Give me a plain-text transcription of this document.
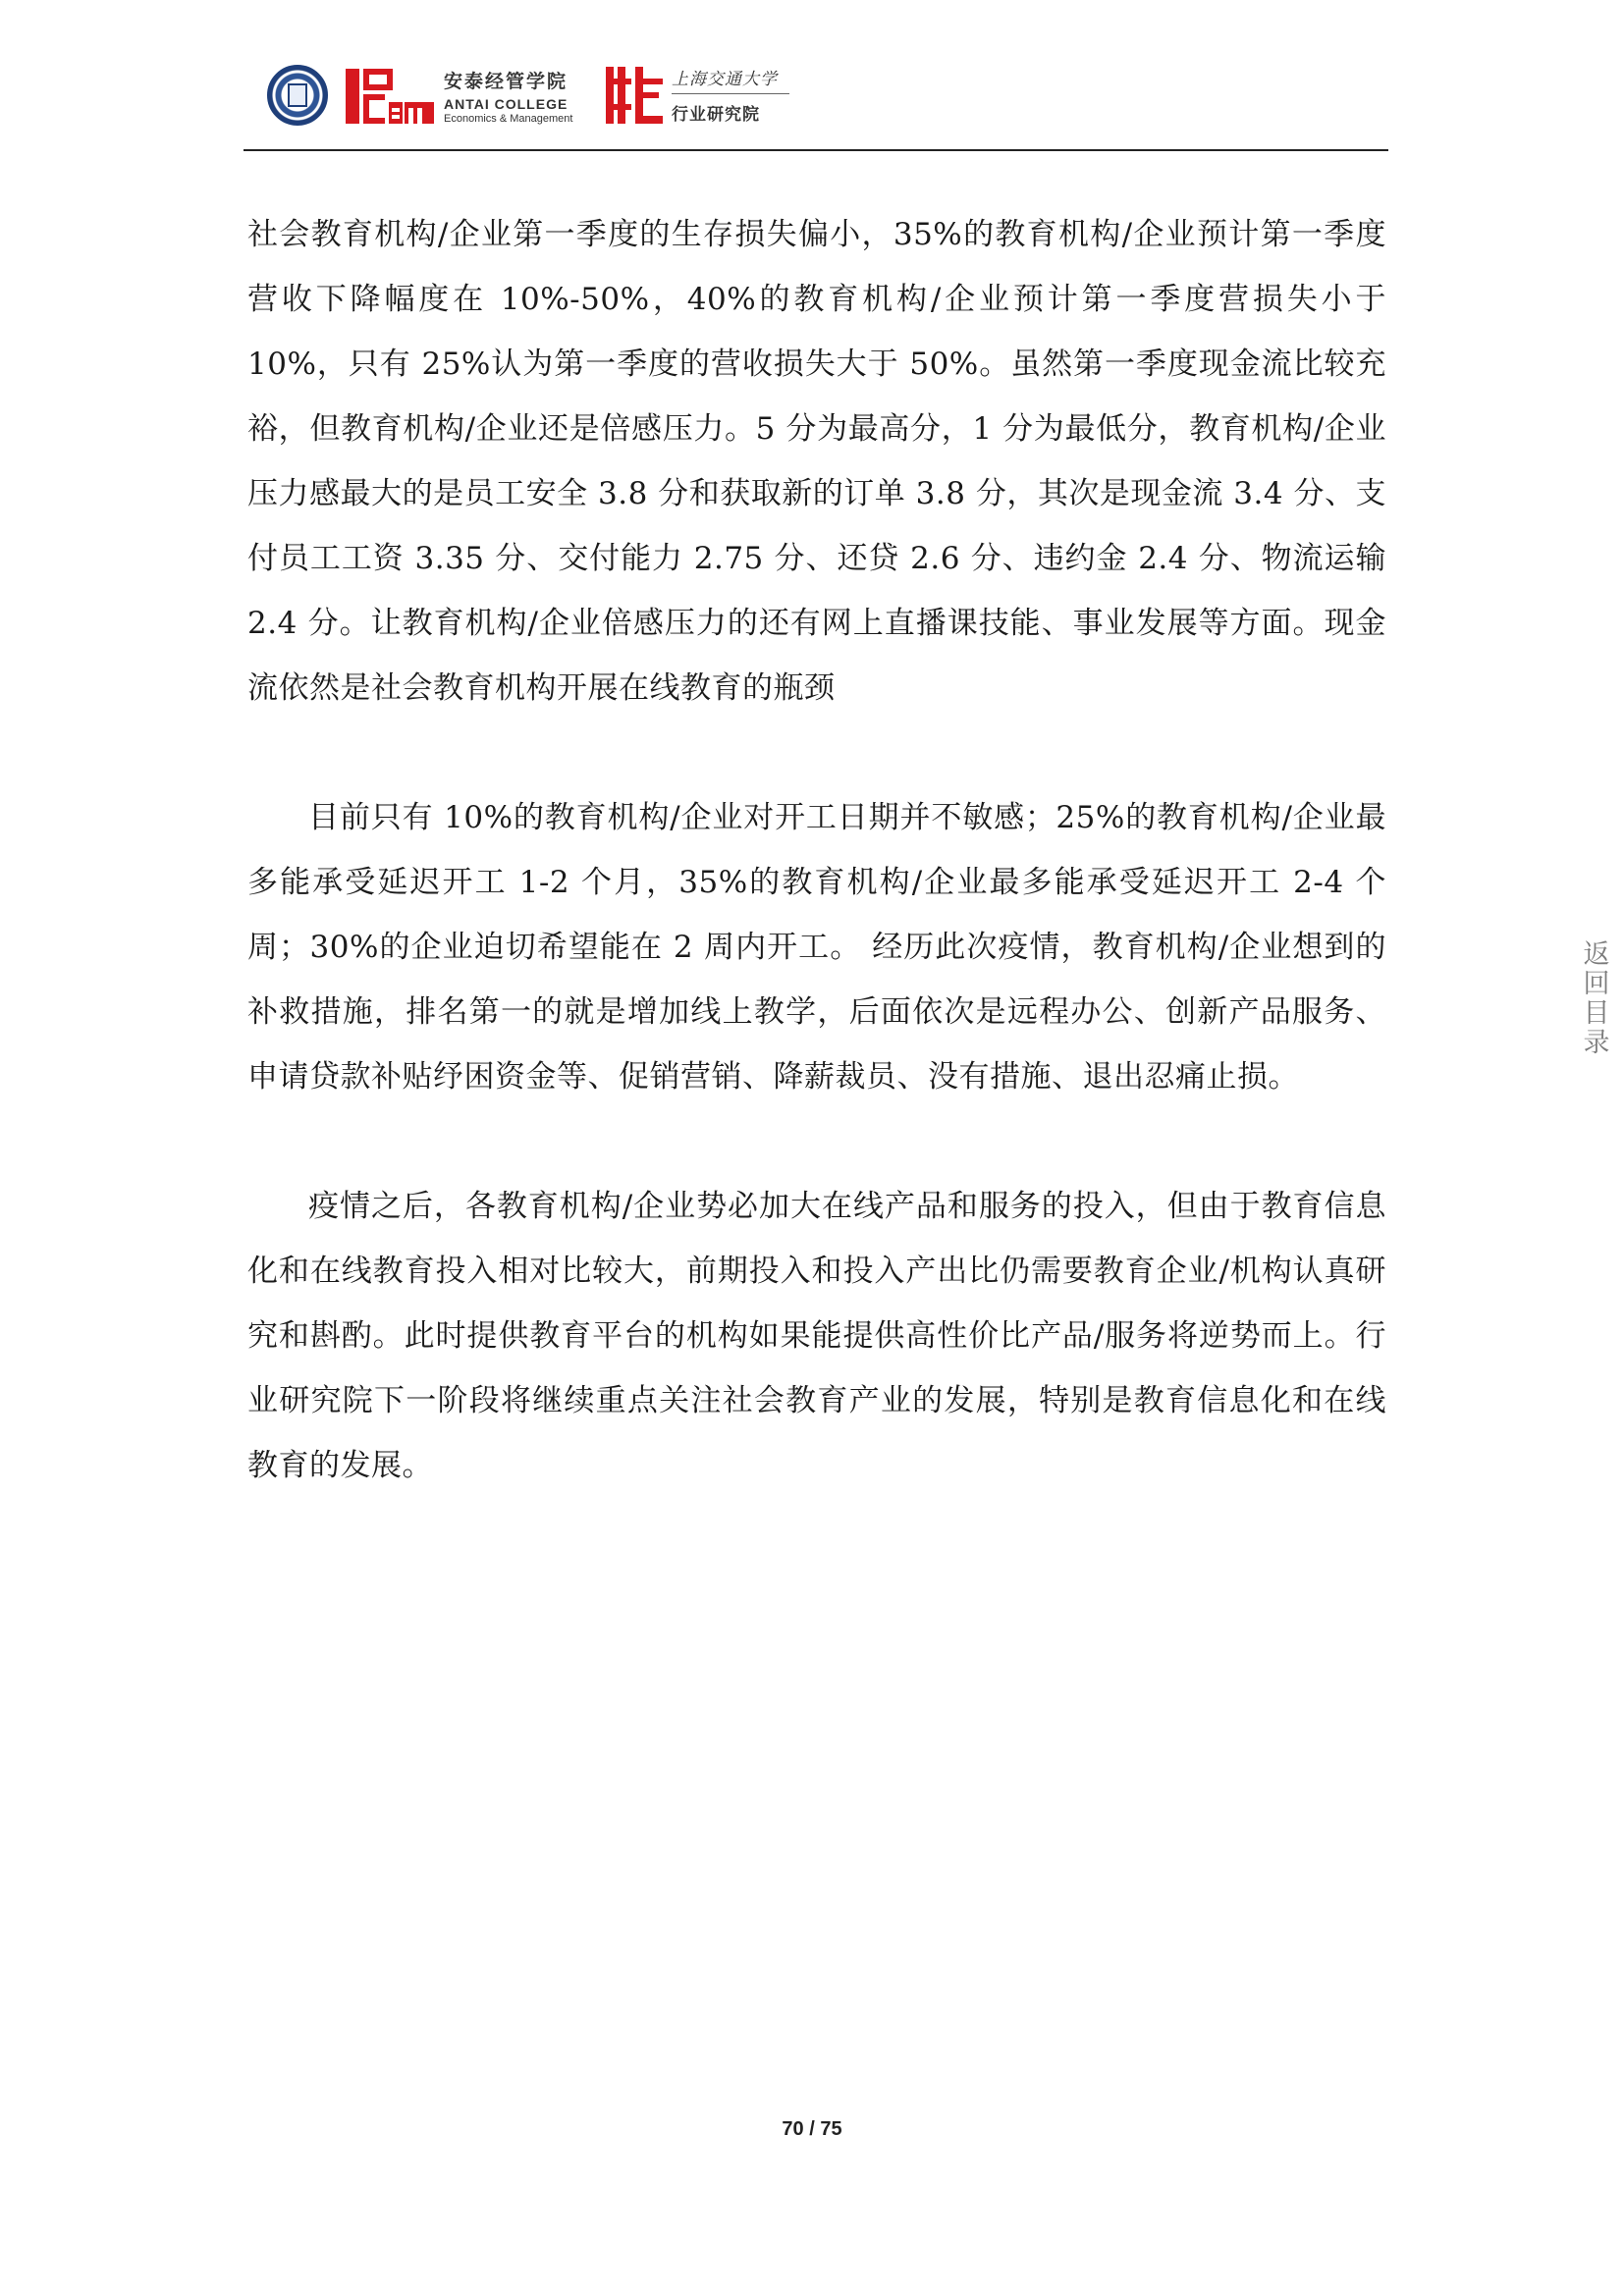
安泰经管学院
ANTAI COLLEGE
Economics & Management
上海交通大学
行业研究院

社会教育机构/企业第一季度的生存损失偏小，35%的教育机构/企业预计第一季度营收下降幅度在 10%-50%，40%的教育机构/企业预计第一季度营损失小于 10%，只有 25%认为第一季度的营收损失大于 50%。虽然第一季度现金流比较充裕，但教育机构/企业还是倍感压力。5 分为最高分，1 分为最低分，教育机构/企业压力感最大的是员工安全 3.8 分和获取新的订单 3.8 分，其次是现金流 3.4 分、支付员工工资 3.35 分、交付能力 2.75 分、还贷 2.6 分、违约金 2.4 分、物流运输 2.4 分。让教育机构/企业倍感压力的还有网上直播课技能、事业发展等方面。现金流依然是社会教育机构开展在线教育的瓶颈

目前只有 10%的教育机构/企业对开工日期并不敏感；25%的教育机构/企业最多能承受延迟开工 1-2 个月，35%的教育机构/企业最多能承受延迟开工 2-4 个周；30%的企业迫切希望能在 2 周内开工。 经历此次疫情，教育机构/企业想到的补救措施，排名第一的就是增加线上教学，后面依次是远程办公、创新产品服务、申请贷款补贴纾困资金等、促销营销、降薪裁员、没有措施、退出忍痛止损。

疫情之后，各教育机构/企业势必加大在线产品和服务的投入，但由于教育信息化和在线教育投入相对比较大，前期投入和投入产出比仍需要教育企业/机构认真研究和斟酌。此时提供教育平台的机构如果能提供高性价比产品/服务将逆势而上。行业研究院下一阶段将继续重点关注社会教育产业的发展，特别是教育信息化和在线教育的发展。

返回目录
70 / 75
